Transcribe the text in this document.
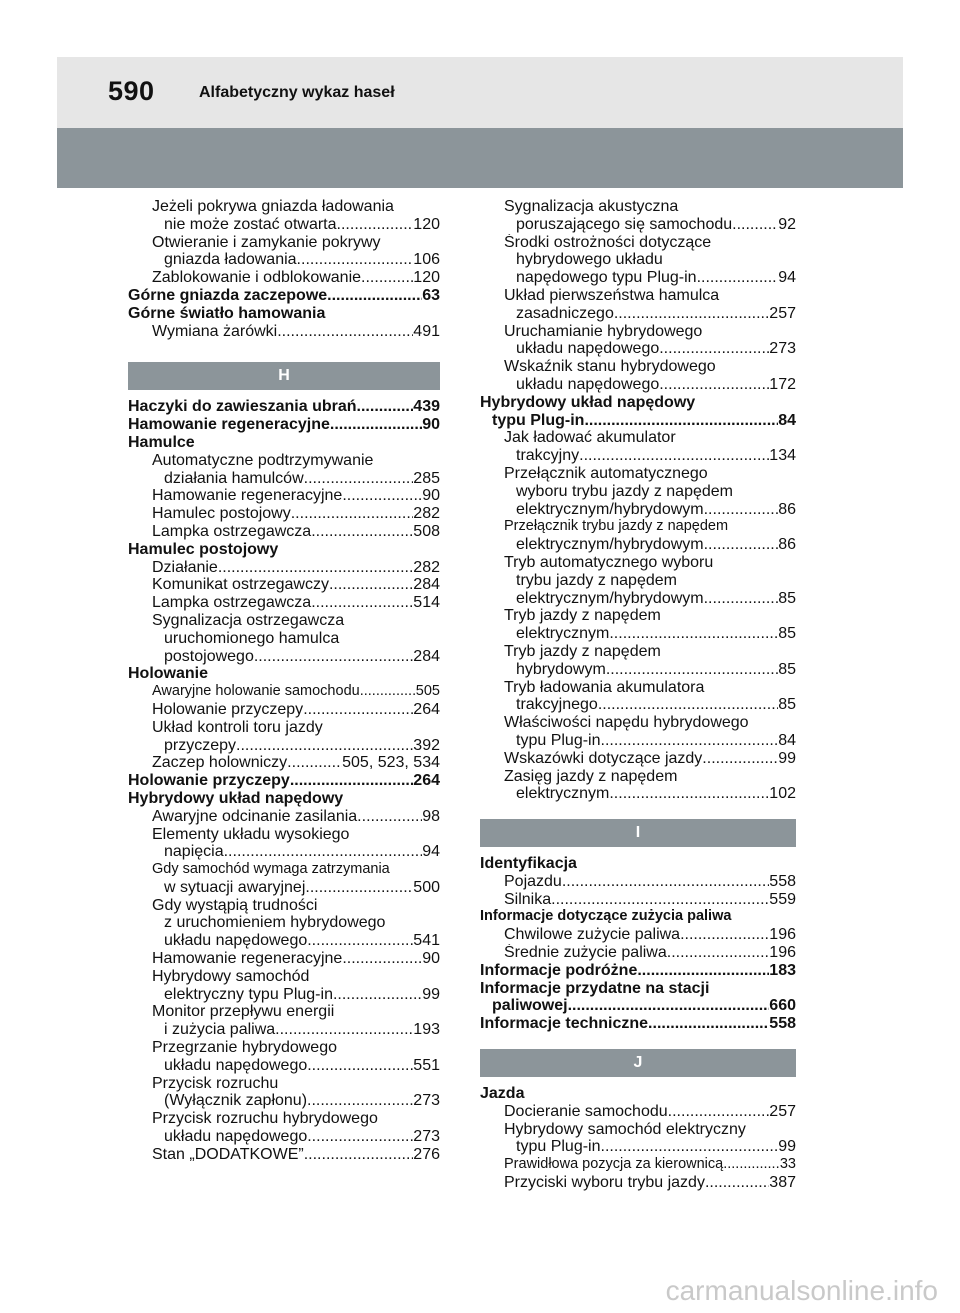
590	Alfabetyczny wykaz haseł
Jeżeli pokrywa gniazda ładowania
nie może zostać otwarta .....	120
Otwieranie i zamykanie pokrywy
gniazda ładowania .....	106
Zablokowanie i odblokowanie .....	120
Górne gniazda zaczepowe .....	63
Górne światło hamowania
Wymiana żarówki .....	491
H
Haczyki do zawieszania ubrań .....	439
Hamowanie regeneracyjne .....	90
Hamulce
Automatyczne podtrzymywanie
działania hamulców .....	285
Hamowanie regeneracyjne .....	90
Hamulec postojowy .....	282
Lampka ostrzegawcza .....	508
Hamulec postojowy
Działanie .....	282
Komunikat ostrzegawczy .....	284
Lampka ostrzegawcza .....	514
Sygnalizacja ostrzegawcza
uruchomionego hamulca
postojowego .....	284
Holowanie
Awaryjne holowanie samochodu .....	505
Holowanie przyczepy .....	264
Układ kontroli toru jazdy
przyczepy .....	392
Zaczep holowniczy .....	505, 523, 534
Holowanie przyczepy .....	264
Hybrydowy układ napędowy
Awaryjne odcinanie zasilania .....	98
Elementy układu wysokiego
napięcia .....	94
Gdy samochód wymaga zatrzymania
w sytuacji awaryjnej .....	500
Gdy wystąpią trudności
z uruchomieniem hybrydowego
układu napędowego .....	541
Hamowanie regeneracyjne .....	90
Hybrydowy samochód
elektryczny typu Plug-in .....	99
Monitor przepływu energii
i zużycia paliwa .....	193
Przegrzanie hybrydowego
układu napędowego .....	551
Przycisk rozruchu
(Wyłącznik zapłonu) .....	273
Przycisk rozruchu hybrydowego
układu napędowego .....	273
Stan „DODATKOWE” .....	276
Sygnalizacja akustyczna
poruszającego się samochodu .....	92
Środki ostrożności dotyczące
hybrydowego układu
napędowego typu Plug-in .....	94
Układ pierwszeństwa hamulca
zasadniczego .....	257
Uruchamianie hybrydowego
układu napędowego .....	273
Wskaźnik stanu hybrydowego
układu napędowego .....	172
Hybrydowy układ napędowy
typu Plug-in .....	84
Jak ładować akumulator
trakcyjny .....	134
Przełącznik automatycznego
wyboru trybu jazdy z napędem
elektrycznym/hybrydowym .....	86
Przełącznik trybu jazdy z napędem
elektrycznym/hybrydowym .....	86
Tryb automatycznego wyboru
trybu jazdy z napędem
elektrycznym/hybrydowym .....	85
Tryb jazdy z napędem
elektrycznym .....	85
Tryb jazdy z napędem
hybrydowym .....	85
Tryb ładowania akumulatora
trakcyjnego .....	85
Właściwości napędu hybrydowego
typu Plug-in .....	84
Wskazówki dotyczące jazdy .....	99
Zasięg jazdy z napędem
elektrycznym .....	102
I
Identyfikacja
Pojazdu .....	558
Silnika .....	559
Informacje dotyczące zużycia paliwa
Chwilowe zużycie paliwa .....	196
Średnie zużycie paliwa .....	196
Informacje podróżne .....	183
Informacje przydatne na stacji
paliwowej .....	660
Informacje techniczne .....	558
J
Jazda
Docieranie samochodu .....	257
Hybrydowy samochód elektryczny
typu Plug-in .....	99
Prawidłowa pozycja za kierownicą .....	33
Przyciski wyboru trybu jazdy .....	387
carmanualsonline.info
